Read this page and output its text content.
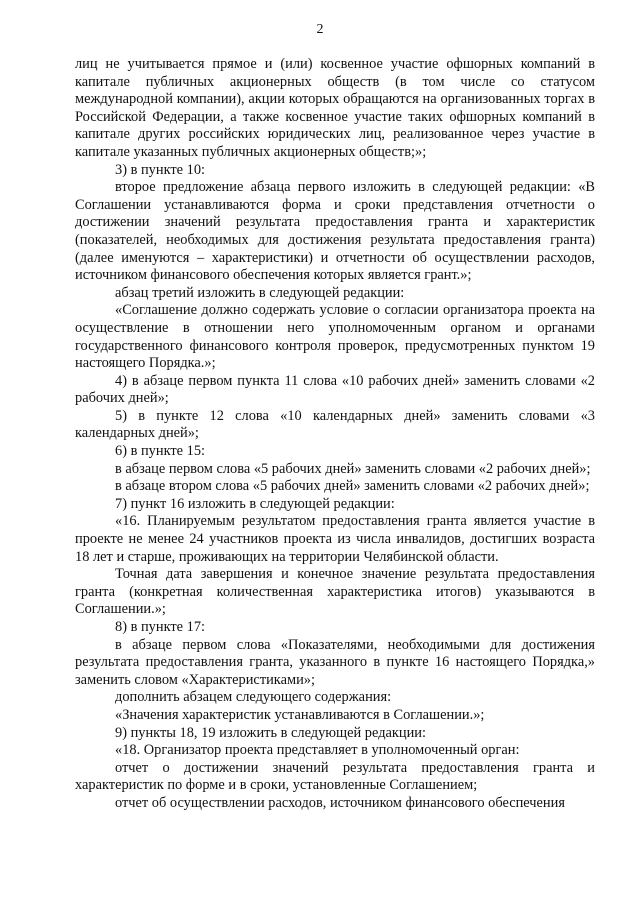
2

лиц не учитывается прямое и (или) косвенное участие офшорных компаний в капитале публичных акционерных обществ (в том числе со статусом международной компании), акции которых обращаются на организованных торгах в Российской Федерации, а также косвенное участие таких офшорных компаний в капитале других российских юридических лиц, реализованное через участие в капитале указанных публичных акционерных обществ;»;

3) в пункте 10:

второе предложение абзаца первого изложить в следующей редакции: «В Соглашении устанавливаются форма и сроки представления отчетности о достижении значений результата предоставления гранта и характеристик (показателей, необходимых для достижения результата предоставления гранта) (далее именуются – характеристики) и отчетности об осуществлении расходов, источником финансового обеспечения которых является грант.»;

абзац третий изложить в следующей редакции:

«Соглашение должно содержать условие о согласии организатора проекта на осуществление в отношении него уполномоченным органом и органами государственного финансового контроля проверок, предусмотренных пунктом 19 настоящего Порядка.»;

4) в абзаце первом пункта 11 слова «10 рабочих дней» заменить словами «2 рабочих дней»;

5) в пункте 12 слова «10 календарных дней» заменить словами «3 календарных дней»;

6) в пункте 15:

в абзаце первом слова «5 рабочих дней» заменить словами «2 рабочих дней»;

в абзаце втором слова «5 рабочих дней» заменить словами «2 рабочих дней»;

7) пункт 16 изложить в следующей редакции:

«16. Планируемым результатом предоставления гранта является участие в проекте не менее 24 участников проекта из числа инвалидов, достигших возраста 18 лет и старше, проживающих на территории Челябинской области.

Точная дата завершения и конечное значение результата предоставления гранта (конкретная количественная характеристика итогов) указываются в Соглашении.»;

8) в пункте 17:

в абзаце первом слова «Показателями, необходимыми для достижения результата предоставления гранта, указанного в пункте 16 настоящего Порядка,» заменить словом «Характеристиками»;

дополнить абзацем следующего содержания:

«Значения характеристик устанавливаются в Соглашении.»;

9) пункты 18, 19 изложить в следующей редакции:

«18. Организатор проекта представляет в уполномоченный орган:

отчет о достижении значений результата предоставления гранта и характеристик по форме и в сроки, установленные Соглашением;

отчет об осуществлении расходов, источником финансового обеспечения
